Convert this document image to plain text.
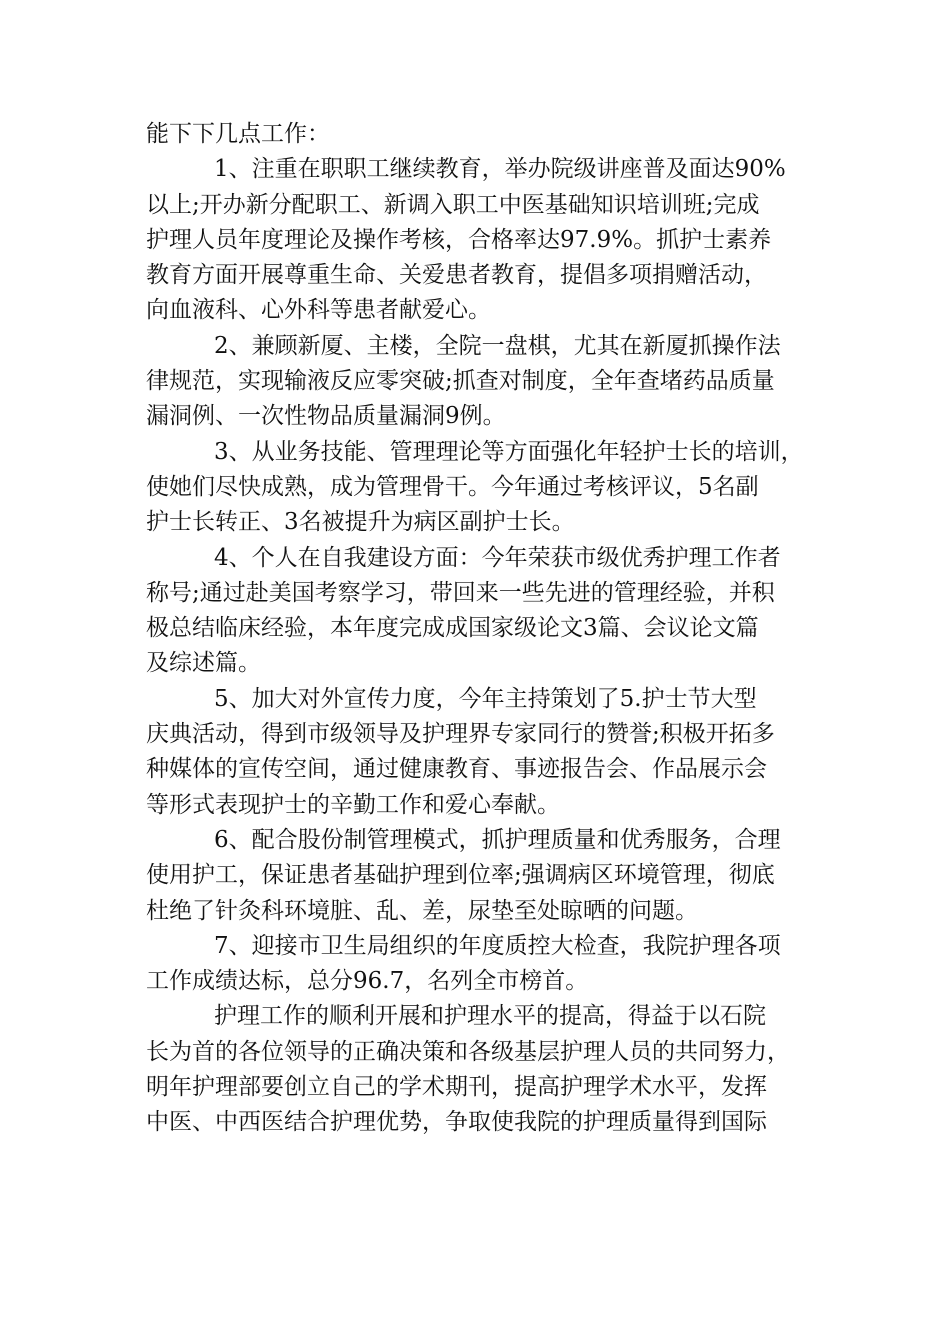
能下下几点工作：
1、注重在职职工继续教育，举办院级讲座普及面达90%
以上;开办新分配职工、新调入职工中医基础知识培训班;完成
护理人员年度理论及操作考核，合格率达97.9%。抓护士素养
教育方面开展尊重生命、关爱患者教育，提倡多项捐赠活动，
向血液科、心外科等患者献爱心。
2、兼顾新厦、主楼，全院一盘棋，尤其在新厦抓操作法
律规范，实现输液反应零突破;抓查对制度，全年查堵药品质量
漏洞例、一次性物品质量漏洞9例。
3、从业务技能、管理理论等方面强化年轻护士长的培训，
使她们尽快成熟，成为管理骨干。今年通过考核评议，5名副
护士长转正、3名被提升为病区副护士长。
4、个人在自我建设方面：今年荣获市级优秀护理工作者
称号;通过赴美国考察学习，带回来一些先进的管理经验，并积
极总结临床经验，本年度完成成国家级论文3篇、会议论文篇
及综述篇。
5、加大对外宣传力度，今年主持策划了5.护士节大型
庆典活动，得到市级领导及护理界专家同行的赞誉;积极开拓多
种媒体的宣传空间，通过健康教育、事迹报告会、作品展示会
等形式表现护士的辛勤工作和爱心奉献。
6、配合股份制管理模式，抓护理质量和优秀服务，合理
使用护工，保证患者基础护理到位率;强调病区环境管理，彻底
杜绝了针灸科环境脏、乱、差，尿垫至处晾晒的问题。
7、迎接市卫生局组织的年度质控大检查，我院护理各项
工作成绩达标，总分96.7，名列全市榜首。
护理工作的顺利开展和护理水平的提高，得益于以石院
长为首的各位领导的正确决策和各级基层护理人员的共同努力，
明年护理部要创立自己的学术期刊，提高护理学术水平，发挥
中医、中西医结合护理优势，争取使我院的护理质量得到国际
